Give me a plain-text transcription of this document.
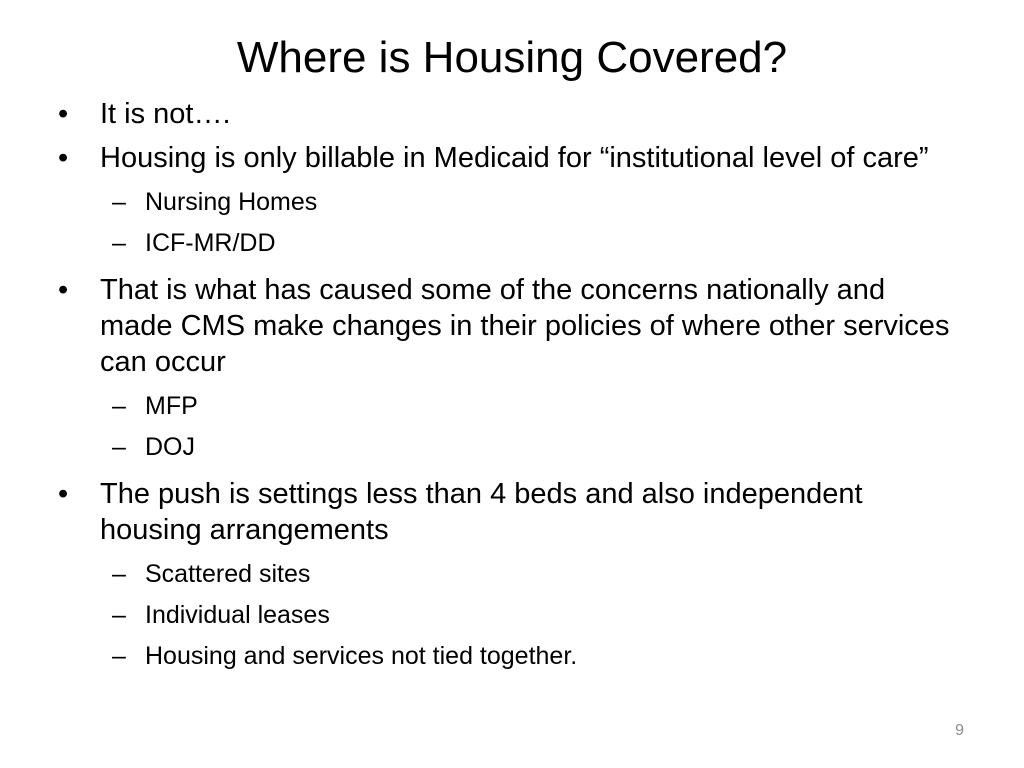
Where is Housing Covered?
•	It is not….
•	Housing is only billable in Medicaid for “institutional level of care”
– Nursing Homes
– ICF-MR/DD
•	That is what has caused some of the concerns nationally and made CMS make changes in their policies of where other services can occur
– MFP
– DOJ
•	The push is settings less than 4 beds and also independent housing arrangements
– Scattered sites
– Individual leases
– Housing and services not tied together.
9
